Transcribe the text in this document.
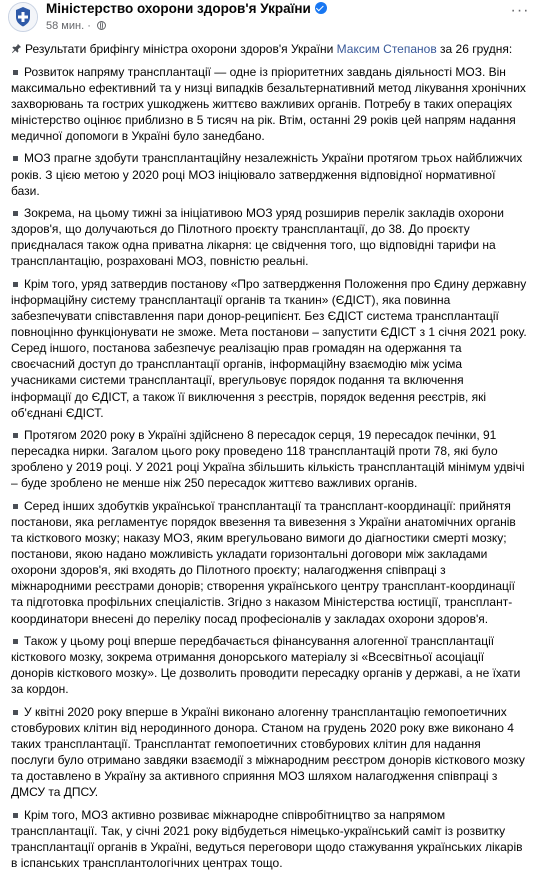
Міністерство охорони здоров'я України
58 мин. ·
···
Результати брифінгу міністра охорони здоров'я України Максим Степанов за 26 грудня:
Розвиток напряму трансплантації — одне із пріоритетних завдань діяльності МОЗ. Він максимально ефективний та у низці випадків безальтернативний метод лікування хронічних захворювань та гострих ушкоджень життєво важливих органів. Потребу в таких операціях міністерство оцінює приблизно в 5 тисяч на рік. Втім, останні 29 років цей напрям надання медичної допомоги в Україні було занедбано.
МОЗ прагне здобути трансплантаційну незалежність України протягом трьох найближчих років. З цією метою у 2020 році МОЗ ініціювало затвердження відповідної нормативної бази.
Зокрема, на цьому тижні за ініціативою МОЗ уряд розширив перелік закладів охорони здоров'я, що долучаються до Пілотного проєкту трансплантації, до 38. До проєкту приєдналася також одна приватна лікарня: це свідчення того, що відповідні тарифи на трансплантацію, розраховані МОЗ, повністю реальні.
Крім того, уряд затвердив постанову «Про затвердження Положення про Єдину державну інформаційну систему трансплантації органів та тканин» (ЄДІСТ), яка повинна забезпечувати співставлення пари донор-реципієнт. Без ЄДІСТ система трансплантації повноцінно функціонувати не зможе. Мета постанови – запустити ЄДІСТ з 1 січня 2021 року. Серед іншого, постанова забезпечує реалізацію прав громадян на одержання та своєчасний доступ до трансплантації органів, інформаційну взаємодію між усіма учасниками системи трансплантації, врегульовує порядок подання та включення інформації до ЄДІСТ, а також її виключення з реєстрів, порядок ведення реєстрів, які об'єднані ЄДІСТ.
Протягом 2020 року в Україні здійснено 8 пересадок серця, 19 пересадок печінки, 91 пересадка нирки. Загалом цього року проведено 118 трансплантацій проти 78, які було зроблено у 2019 році. У 2021 році Україна збільшить кількість трансплантацій мінімум удвічі – буде зроблено не менше ніж 250 пересадок життєво важливих органів.
Серед інших здобутків української трансплантації та трансплант-координації: прийнятя постанови, яка регламентує порядок ввезення та вивезення з України анатомічних органів та кісткового мозку; наказу МОЗ, яким врегульовано вимоги до діагностики смерті мозку; постанови, якою надано можливість укладати горизонтальні договори між закладами охорони здоров'я, які входять до Пілотного проєкту; налагодження співпраці з міжнародними реєстрами донорів; створення українського центру трансплант-координації та підготовка профільних спеціалістів. Згідно з наказом Міністерства юстиції, трансплант-координатори внесені до переліку посад професіоналів у закладах охорони здоров'я.
Також у цьому році вперше передбачається фінансування алогенної трансплантації кісткового мозку, зокрема отримання донорського матеріалу зі «Всесвітньої асоціації донорів кісткового мозку». Це дозволить проводити пересадку органів у державі, а не їхати за кордон.
У квітні 2020 року вперше в Україні виконано алогенну трансплантацію гемопоетичних стовбурових клітин від неродинного донора. Станом на грудень 2020 року вже виконано 4 таких трансплантації. Трансплантат гемопоетичних стовбурових клітин для надання послуги було отримано завдяки взаємодії з міжнародним реєстром донорів кісткового мозку та доставлено в Україну за активного сприяння МОЗ шляхом налагодження співпраці з ДМСУ та ДПСУ.
Крім того, МОЗ активно розвиває міжнародне співробітництво за напрямом трансплантації. Так, у січні 2021 року відбудеться німецько-український саміт із розвитку трансплантації органів в Україні, ведуться переговори щодо стажування українських лікарів в іспанських трансплантологічних центрах тощо.
